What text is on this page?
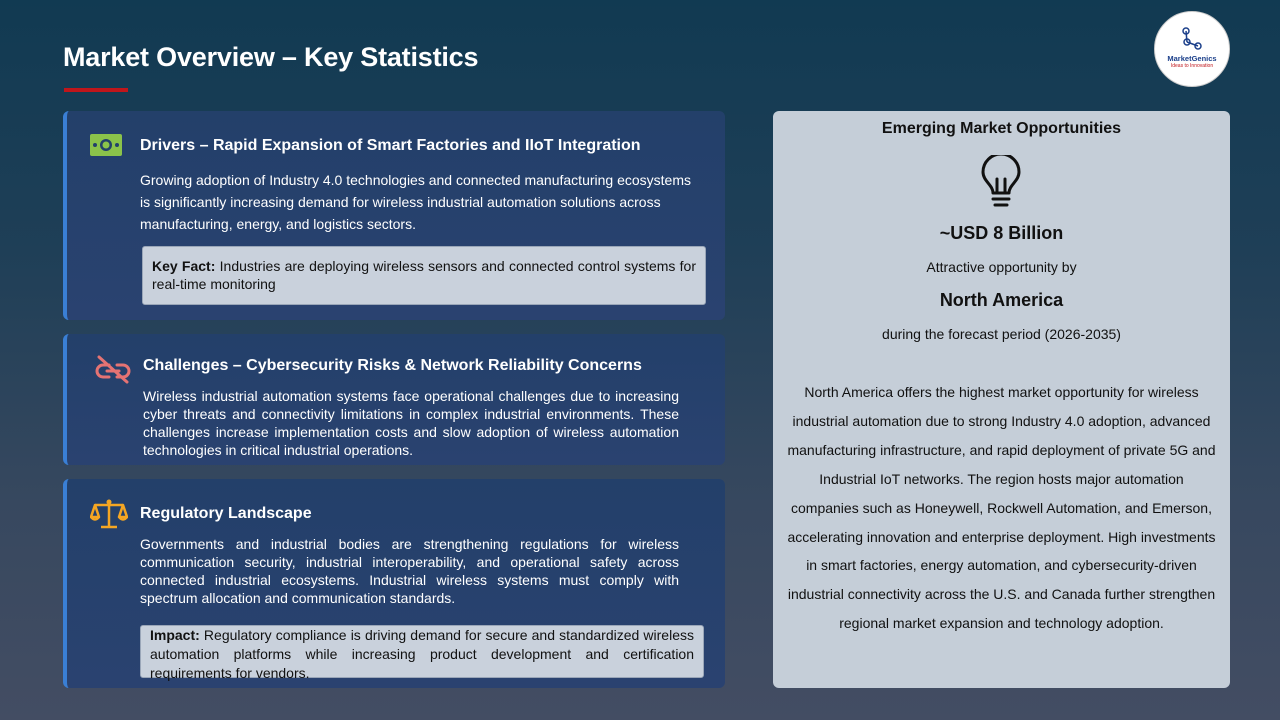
Market Overview – Key Statistics	MarketGenics
Ideas to Innovation
Drivers – Rapid Expansion of Smart Factories and IIoT Integration
Growing adoption of Industry 4.0 technologies and connected manufacturing ecosystems is significantly increasing demand for wireless industrial automation solutions across manufacturing, energy, and logistics sectors.
Key Fact: Industries are deploying wireless sensors and connected control systems for real-time monitoring
Challenges – Cybersecurity Risks & Network Reliability Concerns
Wireless industrial automation systems face operational challenges due to increasing cyber threats and connectivity limitations in complex industrial environments. These challenges increase implementation costs and slow adoption of wireless automation technologies in critical industrial operations.
Regulatory Landscape
Governments and industrial bodies are strengthening regulations for wireless communication security, industrial interoperability, and operational safety across connected industrial ecosystems. Industrial wireless systems must comply with spectrum allocation and communication standards.
Impact: Regulatory compliance is driving demand for secure and standardized wireless automation platforms while increasing product development and certification requirements for vendors.
Emerging Market Opportunities
~USD 8 Billion
Attractive opportunity by
North America
during the forecast period (2026-2035)
North America offers the highest market opportunity for wireless industrial automation due to strong Industry 4.0 adoption, advanced manufacturing infrastructure, and rapid deployment of private 5G and Industrial IoT networks. The region hosts major automation companies such as Honeywell, Rockwell Automation, and Emerson, accelerating innovation and enterprise deployment. High investments in smart factories, energy automation, and cybersecurity-driven industrial connectivity across the U.S. and Canada further strengthen regional market expansion and technology adoption.
